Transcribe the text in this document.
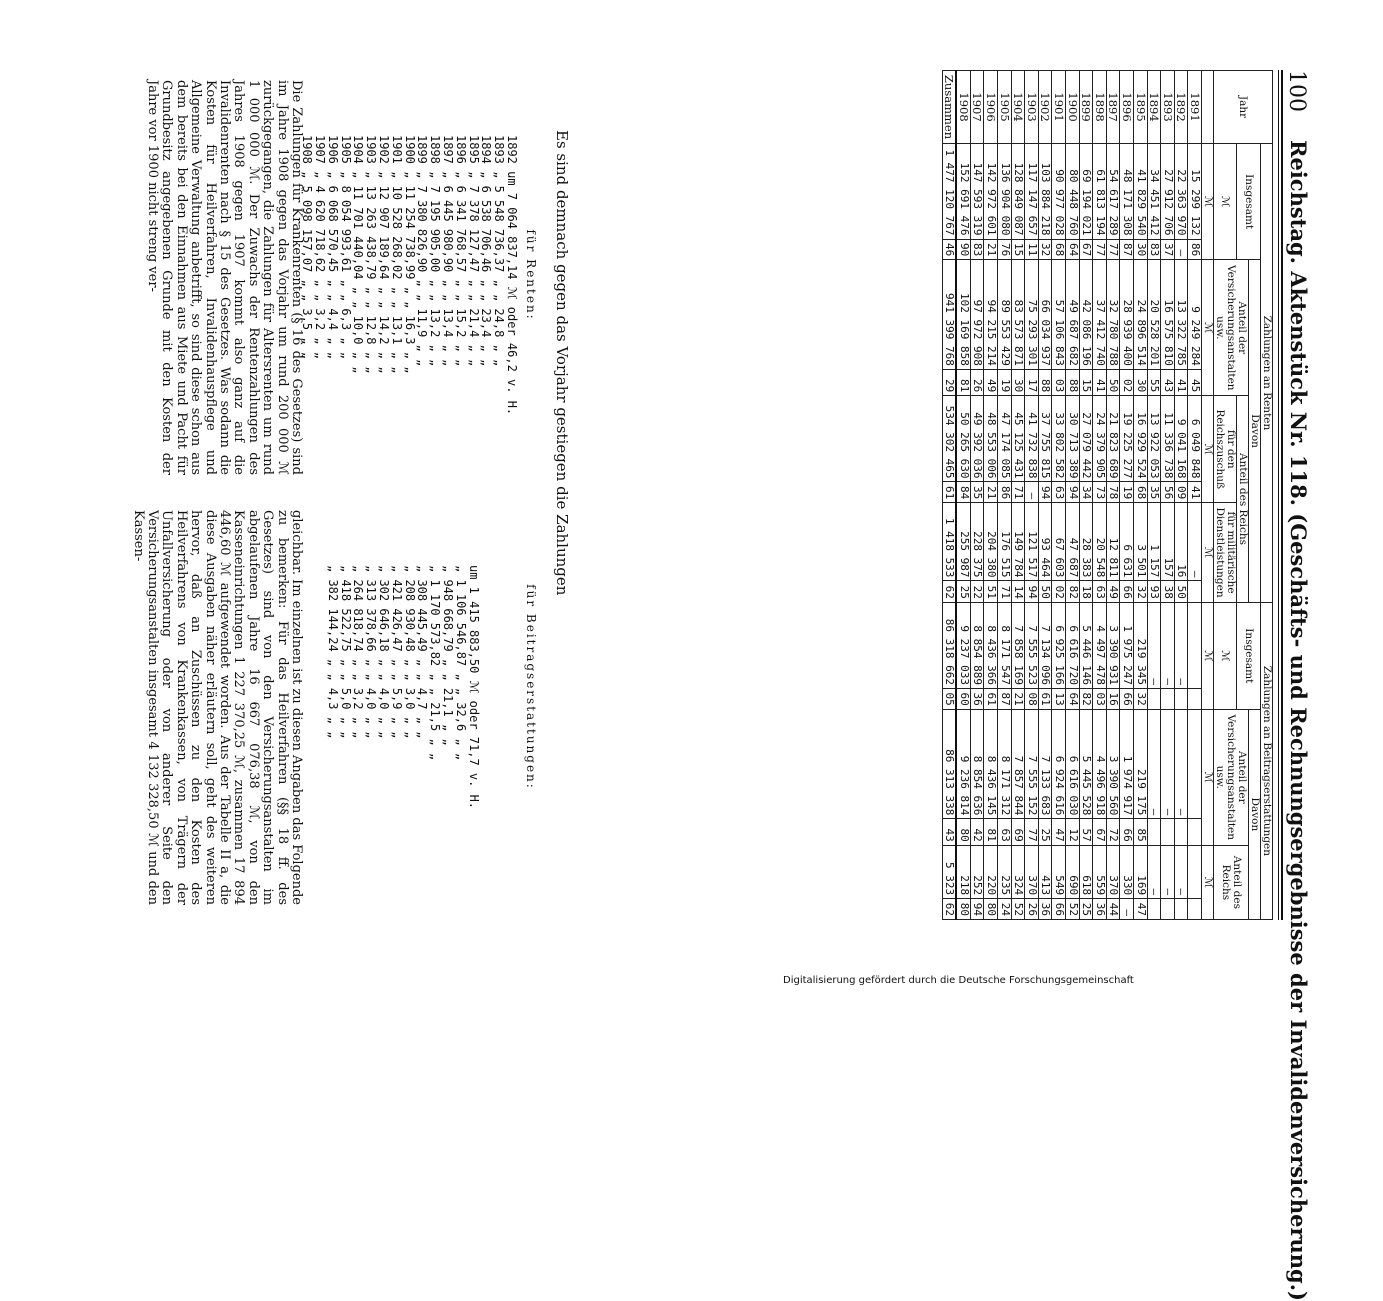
100
Reichstag. Aktenstück Nr. 118. (Geschäfts- und Rechnungsergebnisse der Invalidenversicherung.)
Jahr	Zahlungen an Renten								Zahlungen an Beitragserstattungen					
	Insgesamt		Davon						Insgesamt		Davon			
			Anteil der Versicherungsanstalten usw.		Anteil des Reichs						Anteil der Versicherungsanstalten usw.		Anteil des Reichs	
	ℳ				für den Reichszuschuß		für militärische Dienstleistungen		ℳ					
	ℳ		ℳ		ℳ		ℳ		ℳ		ℳ		ℳ	
1891	15 299 132	86	9 249 284	45	6 049 848	41	—							
1892	22 363 970	—	13 322 785	41	9 041 168	09	16	50	—		—		—	
1893	27 912 706	37	16 575 810	43	11 336 738	56	157	38	—		—		—	
1894	34 451 412	83	20 528 201	55	13 922 053	35	1 157	93	—		—		—	
1895	41 829 540	30	24 896 514	30	16 929 524	68	3 501	32	219 345	32	219 175	85	169	47
1896	48 171 308	87	28 939 400	02	19 225 277	19	6 631	66	1 975 247	66	1 974 917	66	330	—
1897	54 617 289	77	32 780 788	50	21 823 689	78	12 811	49	3 390 931	16	3 390 560	72	370	44
1898	61 813 194	77	37 412 740	41	24 379 905	73	20 548	63	4 497 478	03	4 496 918	67	559	36
1899	69 194 021	67	42 086 196	15	27 079 442	34	28 383	18	5 446 146	82	5 445 528	57	618	25
1900	80 448 760	64	49 687 682	88	30 713 389	94	47 687	82	6 616 720	64	6 616 030	12	690	52
1901	90 977 028	68	57 106 843	03	33 802 582	63	67 603	02	6 925 166	13	6 924 616	47	549	66
1902	103 884 218	32	66 034 937	88	37 755 815	94	93 464	50	7 134 096	61	7 133 683	25	413	36
1903	117 147 657	11	75 293 301	17	41 732 838	—	121 517	94	7 555 523	08	7 555 152	77	370	26
1904	128 849 087	15	83 573 871	30	45 125 431	71	149 784	14	7 858 169	21	7 857 844	69	324	52
1905	136 904 080	76	89 553 429	19	47 174 085	86	176 515	71	8 171 547	87	8 171 312	63	235	24
1906	142 972 601	21	94 215 214	49	48 553 006	21	204 380	51	8 436 366	61	8 436 145	81	220	80
1907	147 593 319	83	97 972 908	26	49 392 036	35	228 375	22	8 854 889	36	8 854 636	42	252	94
1908	152 691 476	90	102 169 858	81	50 265 630	84	255 987	25	9 237 033	60	9 236 814	80	218	80
Zusammen	1 477 120 767	46	941 399 768	29	534 302 465	61	1 418 533	62	86 318 662	05	86 313 338	43	5 323	62
Es sind demnach gegen das Vorjahr gestiegen die Zahlungen
für Renten:
1892 um 7 064 837,14 ℳ oder 46,2 v. H.
1893 „ 5 548 736,37 „ „ 24,8 „ „
1894 „ 6 538 706,46 „ „ 23,4 „ „
1895 „ 7 378 127,47 „ „ 21,4 „ „
1896 „ 6 341 768,57 „ „ 15,2 „ „
1897 „ 6 445 980,90 „ „ 13,4 „ „
1898 „ 7 195 905,00 „ „ 13,2 „ „
1899 „ 7 380 826,90 „ „ 11,9 „ „
1900 „ 11 254 738,99 „ „ 16,3 „ „
1901 „ 10 528 268,02 „ „ 13,1 „ „
1902 „ 12 907 189,64 „ „ 14,2 „ „
1903 „ 13 263 438,79 „ „ 12,8 „ „
1904 „ 11 701 440,04 „ „ 10,0 „ „
1905 „ 8 054 993,61 „ „ 6,3 „ „
1906 „ 6 068 570,45 „ „ 4,4 „ „
1907 „ 4 620 718,62 „ „ 3,2 „ „
1908 „ 5 098 157,07 „ „ 3,5 „ „
für Beitragserstattungen:

um 1 415 883,50 ℳ oder 71,7 v. H.
„ 1 106 546,87 „ „ 32,6 „ „
„ 948 668,79 „ „ 21,1 „ „
„ 1 170 573,82 „ „ 21,5 „ „
„ 308 445,49 „ „ 4,7 „ „
„ 208 930,48 „ „ 3,0 „ „
„ 421 426,47 „ „ 5,9 „ „
„ 302 646,18 „ „ 4,0 „ „
„ 313 378,66 „ „ 4,0 „ „
„ 264 818,74 „ „ 3,2 „ „
„ 418 522,75 „ „ 5,0 „ „
„ 382 144,24 „ „ 4,3 „ „
Die Zahlungen für Krankenrenten (§ 16 des Gesetzes) sind im Jahre 1908 gegen das Vorjahr um rund 200 000 ℳ zurückgegangen, die Zahlungen für Altersrenten um rund 1 000 000 ℳ. Der Zuwachs der Rentenzahlungen des Jahres 1908 gegen 1907 kommt also ganz auf die Invalidenrenten nach § 15 des Gesetzes. Was sodann die Kosten für Heilverfahren, Invalidenhauspflege und Allgemeine Verwaltung anbetrifft, so sind diese schon aus dem bereits bei den Einnahmen aus Miete und Pacht für Grundbesitz angegebenen Grunde mit den Kosten der Jahre vor 1900 nicht streng ver-
gleichbar. Im einzelnen ist zu diesen Angaben das Folgende zu bemerken: Für das Heilverfahren (§§ 18 ff. des Gesetzes) sind von den Versicherungsanstalten im abgelaufenen Jahre 16 667 076,38 ℳ, von den Kasseneinrichtungen 1 227 370,25 ℳ, zusammen 17 894 446,60 ℳ aufgewendet worden. Aus der Tabelle II a, die diese Ausgaben näher erläutern soll, geht des weiteren hervor, daß an Zuschüssen zu den Kosten des Heilverfahrens von Krankenkassen, von Trägern der Unfallversicherung oder von anderer Seite den Versicherungsanstalten insgesamt 4 132 328,50 ℳ und den Kassen-
Digitalisierung gefördert durch die Deutsche Forschungsgemeinschaft
